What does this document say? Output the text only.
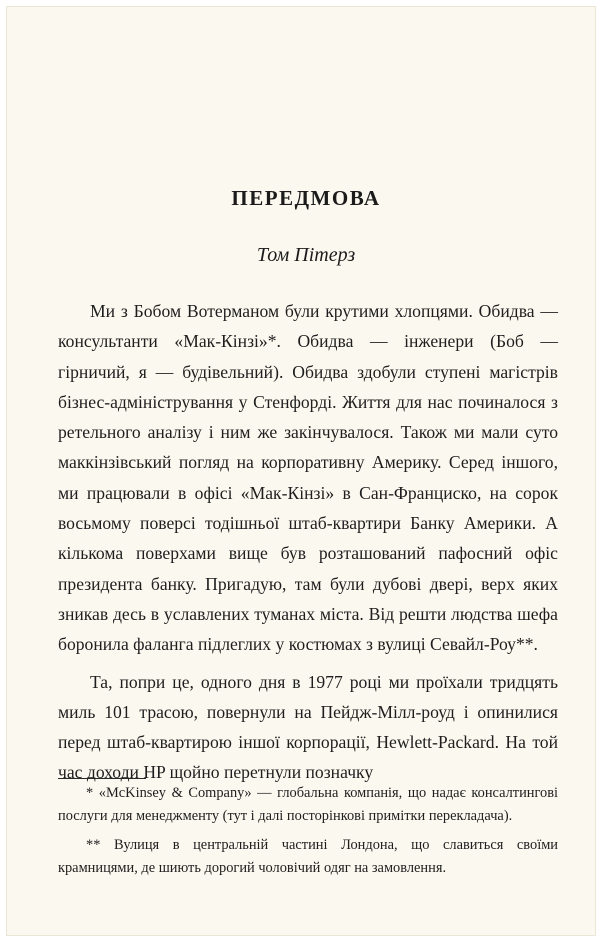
ПЕРЕДМОВА
Том Пітерз

Ми з Бобом Вотерманом були крутими хлопцями. Обидва — консультанти «Мак-Кінзі»*. Обидва — інженери (Боб — гірничий, я — будівельний). Обидва здобули ступені магістрів бізнес-адміністрування у Стенфорді. Життя для нас починалося з ретельного аналізу і ним же закінчувалося. Також ми мали суто маккінзівський погляд на корпоративну Америку. Серед іншого, ми працювали в офісі «Мак-Кінзі» в Сан-Франциско, на сорок восьмому поверсі тодішньої штаб-квартири Банку Америки. А кількома поверхами вище був розташований пафосний офіс президента банку. Пригадую, там були дубові двері, верх яких зникав десь в уславлених туманах міста. Від решти людства шефа боронила фаланга підлеглих у костюмах з вулиці Севайл-Роу**.

Та, попри це, одного дня в 1977 році ми проїхали тридцять миль 101 трасою, повернули на Пейдж-Мілл-роуд і опинилися перед штаб-квартирою іншої корпорації, Hewlett-Packard. На той час доходи HP щойно перетнули позначку

* «McKinsey & Company» — глобальна компанія, що надає консалтингові послуги для менеджменту (тут і далі посторінкові примітки перекладача).

** Вулиця в центральній частині Лондона, що славиться своїми крамницями, де шиють дорогий чоловічий одяг на замовлення.
